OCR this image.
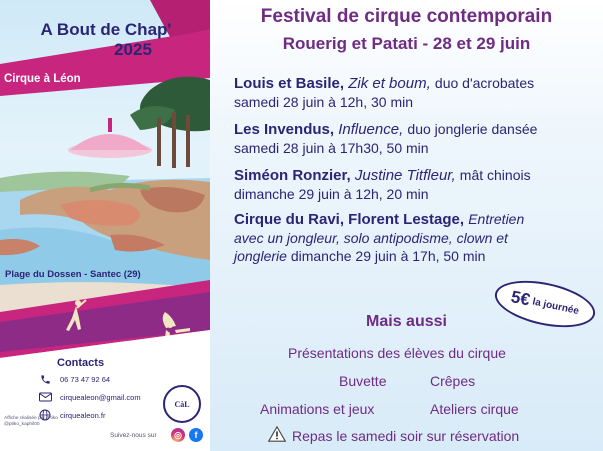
A Bout de Chap'
2025
Cirque à Léon
Plage du Dossen - Santec (29)
Contacts
06 73 47 92 64
cirquealeon@gmail.com
cirquealeon.fr
Affiche réalisée par P'tiko @ptiko_kaphil00
Suivez-nous sur
CàL
◎	f
Festival de cirque contemporain
Rouerig et Patati - 28 et 29 juin
Louis et Basile, Zik et boum, duo d'acrobates
samedi 28 juin à 12h, 30 min
Les Invendus, Influence, duo jonglerie dansée
samedi 28 juin à 17h30, 50 min
Siméon Ronzier, Justine Titfleur, mât chinois
dimanche 29 juin à 12h, 20 min
Cirque du Ravi, Florent Lestage, Entretien
avec un jongleur, solo antipodisme, clown et
jonglerie dimanche 29 juin à 17h, 50 min
5€ la journée
Mais aussi
Présentations des élèves du cirque
Buvette	Crêpes
Animations et jeux	Ateliers cirque
Repas le samedi soir sur réservation
